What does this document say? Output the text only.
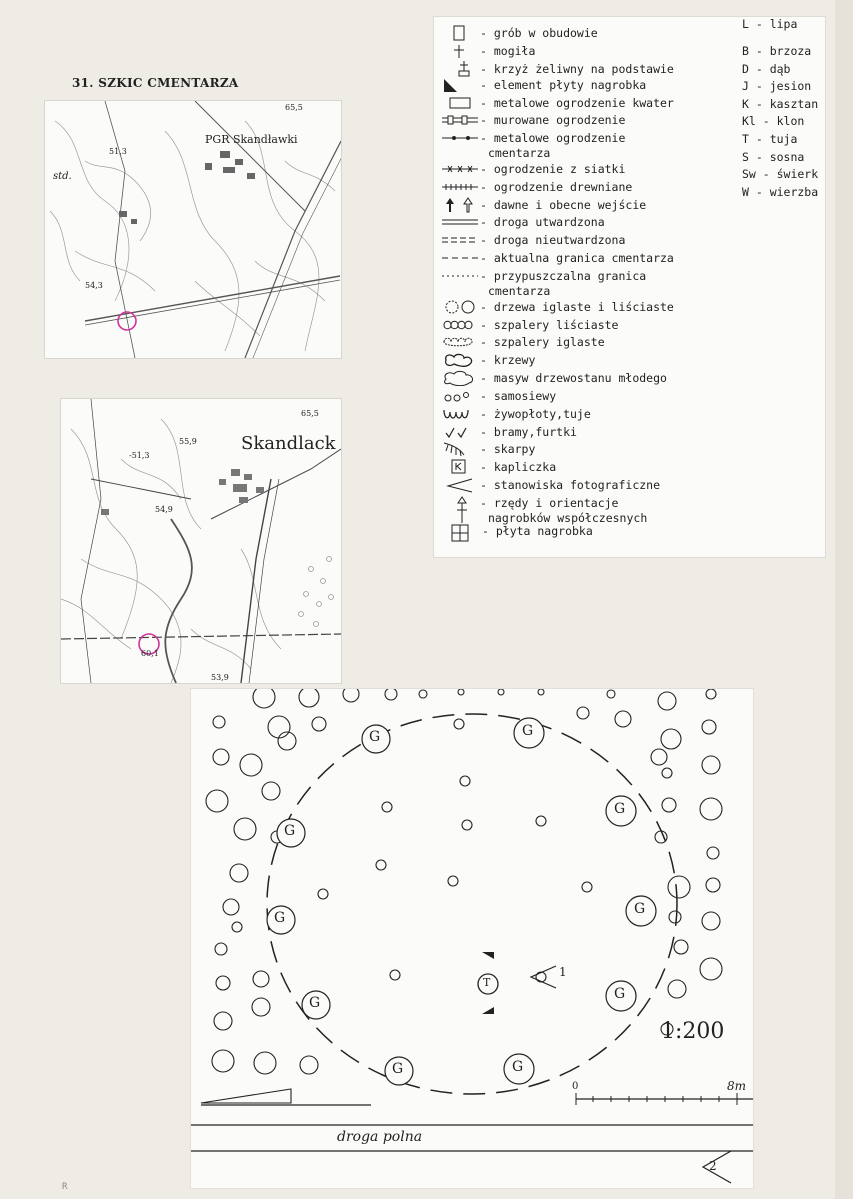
31. SZKIC CMENTARZA
PGR Skandławki
65,5
51,3
std.
54,3
Skandlack
55,9
65,5
54,9
-51,3
60,1
53,9
- grób w obudowie
- mogiła
- krzyż żeliwny na podstawie
- element płyty nagrobka
- metalowe ogrodzenie kwater
- murowane ogrodzenie
- metalowe ogrodzenie
cmentarza
- ogrodzenie z siatki
- ogrodzenie drewniane
- dawne i obecne wejście
- droga utwardzona
- droga nieutwardzona
- aktualna granica cmentarza
- przypuszczalna granica
cmentarza
- drzewa iglaste i liściaste
- szpalery liściaste
- szpalery iglaste
- krzewy
- masyw drzewostanu młodego
- samosiewy
- żywopłoty,tuje
- bramy,furtki
- skarpy
- kapliczka
- stanowiska fotograficzne
- rzędy i orientacje
nagrobków współczesnych
- płyta nagrobka
L - lipa
B - brzoza
D - dąb
J - jesion
K - kasztan
Kl - klon
T - tuja
S - sosna
Sw - świerk
W - wierzba
G	G
G
G
G
G
G
G
G	G
T
1
2
1:200
0	8m
droga polna
R
